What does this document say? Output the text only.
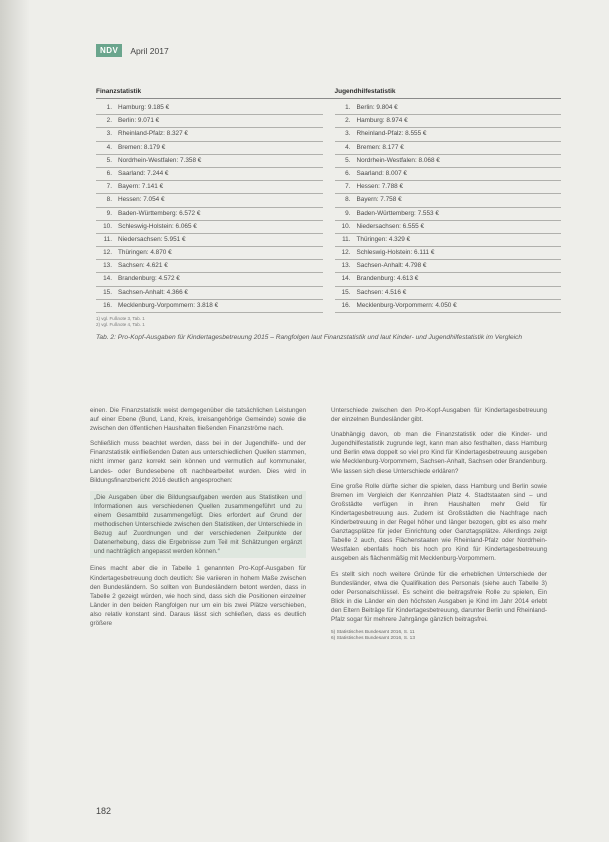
NDV	April 2017
Finanzstatistik	Jugendhilfestatistik
1. Hamburg: 9.185 €
2. Berlin: 9.071 €
3. Rheinland-Pfalz: 8.327 €
4. Bremen: 8.179 €
5. Nordrhein-Westfalen: 7.358 €
6. Saarland: 7.244 €
7. Bayern: 7.141 €
8. Hessen: 7.054 €
9. Baden-Württemberg: 6.572 €
10. Schleswig-Holstein: 6.065 €
11. Niedersachsen: 5.951 €
12. Thüringen: 4.870 €
13. Sachsen: 4.621 €
14. Brandenburg: 4.572 €
15. Sachsen-Anhalt: 4.366 €
16. Mecklenburg-Vorpommern: 3.818 €
1. Berlin: 9.804 €
2. Hamburg: 8.974 €
3. Rheinland-Pfalz: 8.555 €
4. Bremen: 8.177 €
5. Nordrhein-Westfalen: 8.068 €
6. Saarland: 8.007 €
7. Hessen: 7.788 €
8. Bayern: 7.758 €
9. Baden-Württemberg: 7.553 €
10. Niedersachsen: 6.555 €
11. Thüringen: 4.329 €
12. Schleswig-Holstein: 6.111 €
13. Sachsen-Anhalt: 4.798 €
14. Brandenburg: 4.613 €
15. Sachsen: 4.516 €
16. Mecklenburg-Vorpommern: 4.050 €
1) vgl. Fußnote 3, Tab. 1
2) vgl. Fußnote 4, Tab. 1
Tab. 2: Pro-Kopf-Ausgaben für Kindertagesbetreuung 2015 – Rangfolgen laut Finanzstatistik und laut Kinder- und Jugendhilfestatistik im Vergleich

einen. Die Finanzstatistik weist demgegenüber die tatsächlichen Leistungen auf einer Ebene (Bund, Land, Kreis, kreisangehörige Gemeinde) sowie die zwischen den öffentlichen Haushalten fließenden Finanzströme nach.

Schließlich muss beachtet werden, dass bei in der Jugendhilfe- und der Finanzstatistik einfließenden Daten aus unterschiedlichen Quellen stammen, nicht immer ganz korrekt sein können und vermutlich auf kommunaler, Landes- oder Bundesebene oft nachbearbeitet wurden. Dies wird in Bildungsfinanzbericht 2016 deutlich angesprochen:

„Die Ausgaben über die Bildungsaufgaben werden aus Statistiken und Informationen aus verschiedenen Quellen zusammengeführt und zu einem Gesamtbild zusammengefügt. Dies erfordert auf Grund der methodischen Unterschiede zwischen den Statistiken, der Unterschiede in Bezug auf Zuordnungen und der verschiedenen Zeitpunkte der Datenerhebung, dass die Ergebnisse zum Teil mit Schätzungen ergänzt und nachträglich angepasst werden können.“

Eines macht aber die in Tabelle 1 genannten Pro-Kopf-Ausgaben für Kindertagesbetreuung doch deutlich: Sie variieren in hohem Maße zwischen den Bundesländern. So sollten von Bundesländern betont werden, dass in Tabelle 2 gezeigt würden, wie hoch sind, dass sich die Positionen einzelner Länder in den beiden Rangfolgen nur um ein bis zwei Plätze verschieben, also relativ konstant sind. Daraus lässt sich schließen, dass es deutlich größere

Unterschiede zwischen den Pro-Kopf-Ausgaben für Kindertagesbetreuung der einzelnen Bundesländer gibt.

Unabhängig davon, ob man die Finanzstatistik oder die Kinder- und Jugendhilfestatistik zugrunde legt, kann man also festhalten, dass Hamburg und Berlin etwa doppelt so viel pro Kind für Kindertagesbetreuung ausgeben wie Mecklenburg-Vorpommern, Sachsen-Anhalt, Sachsen oder Brandenburg. Wie lassen sich diese Unterschiede erklären?

Eine große Rolle dürfte sicher die spielen, dass Hamburg und Berlin sowie Bremen im Vergleich der Kennzahlen Platz 4. Stadtstaaten sind – und Großstädte verfügen in ihren Haushalten mehr Geld für Kindertagesbetreuung aus. Zudem ist Großstädten die Nachfrage nach Kinderbetreuung in der Regel höher und länger bezogen, gibt es also mehr Ganztagsplätze für jeder Einrichtung oder Ganztagsplätze. Allerdings zeigt Tabelle 2 auch, dass Flächenstaaten wie Rheinland-Pfalz oder Nordrhein-Westfalen ebenfalls hoch bis hoch pro Kind für Kindertagesbetreuung ausgeben als flächenmäßig mit Mecklenburg-Vorpommern.

Es stellt sich noch weitere Gründe für die erheblichen Unterschiede der Bundesländer, etwa die Qualifikation des Personals (siehe auch Tabelle 3) oder Personalschlüssel. Es scheint die beitragsfreie Rolle zu spielen, Ein Blick in die Länder ein den höchsten Ausgaben je Kind im Jahr 2014 erlebt den Eltern Beiträge für Kindertagesbetreuung, darunter Berlin und Rheinland-Pfalz sogar für mehrere Jahrgänge gänzlich beitragsfrei.

5) Statistisches Bundesamt 2016, S. 11
6) Statistisches Bundesamt 2016, S. 13
182
